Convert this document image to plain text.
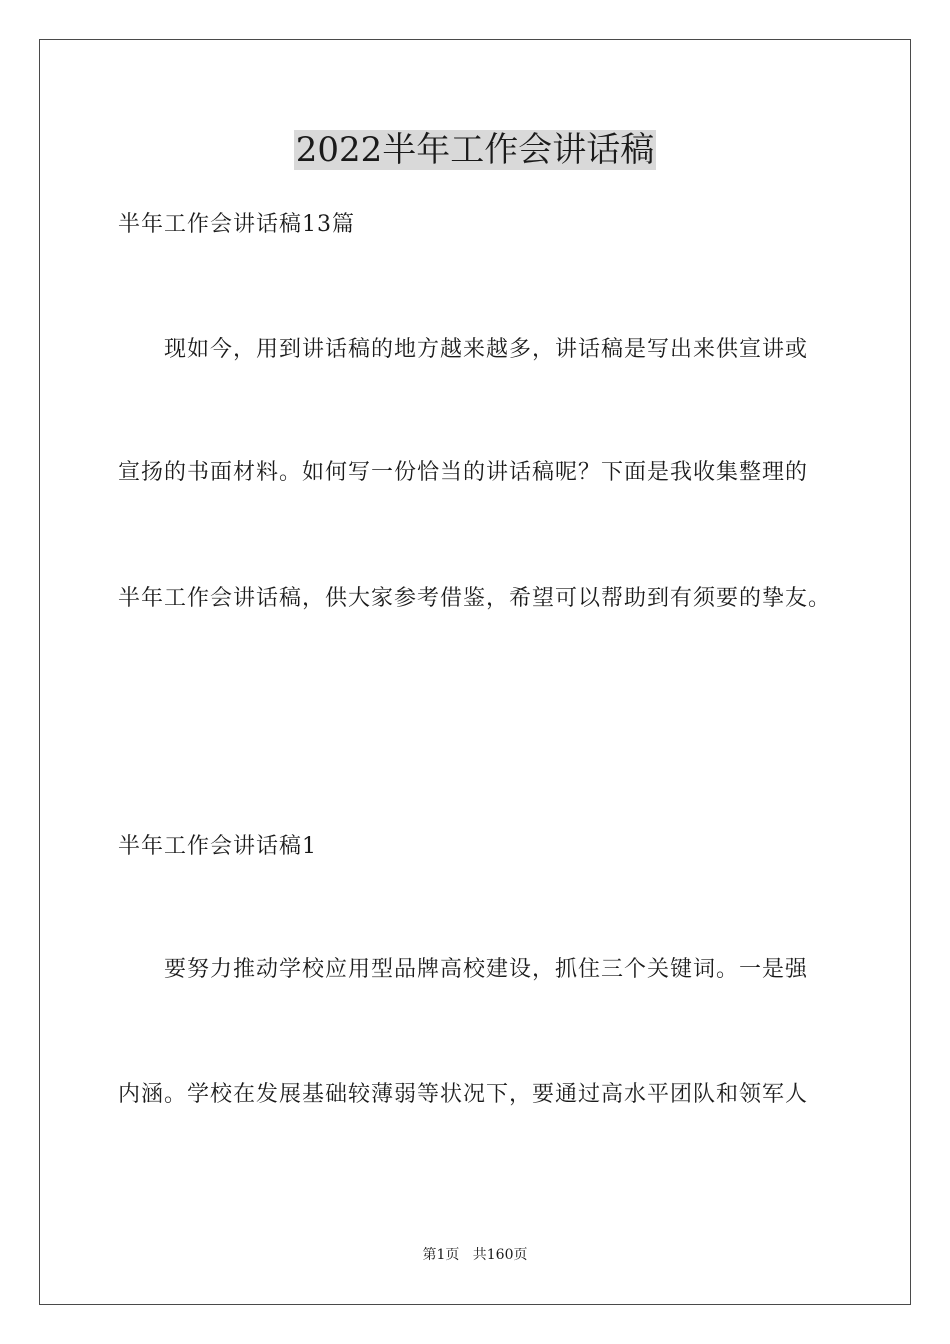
2022半年工作会讲话稿
半年工作会讲话稿13篇
现如今，用到讲话稿的地方越来越多，讲话稿是写出来供宣讲或
宣扬的书面材料。如何写一份恰当的讲话稿呢？下面是我收集整理的
半年工作会讲话稿，供大家参考借鉴，希望可以帮助到有须要的挚友。
半年工作会讲话稿1
要努力推动学校应用型品牌高校建设，抓住三个关键词。一是强
内涵。学校在发展基础较薄弱等状况下，要通过高水平团队和领军人
第1页   共160页
